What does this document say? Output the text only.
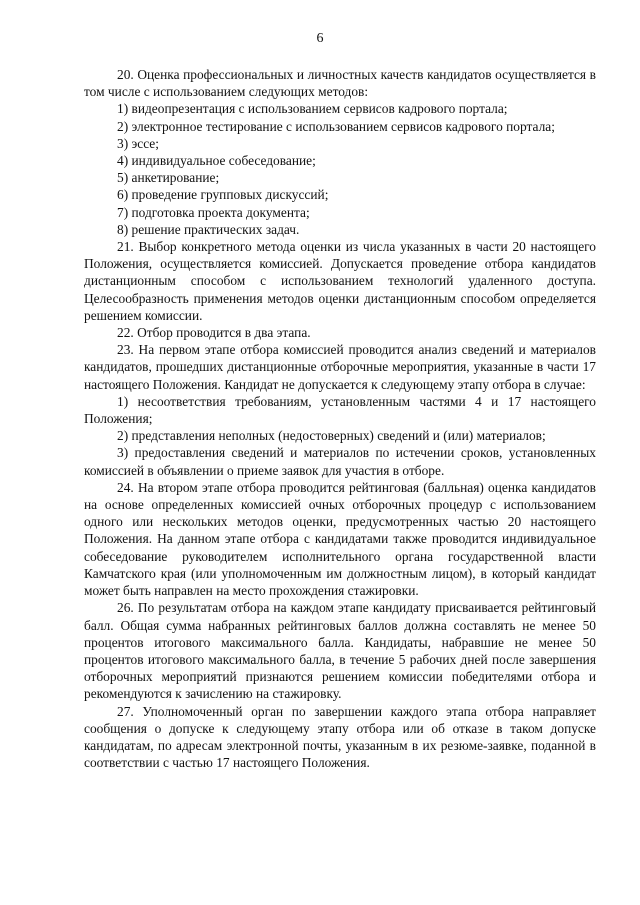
6

20. Оценка профессиональных и личностных качеств кандидатов осуществляется в том числе с использованием следующих методов:

1) видеопрезентация с использованием сервисов кадрового портала;

2) электронное тестирование с использованием сервисов кадрового портала;

3) эссе;

4) индивидуальное собеседование;

5) анкетирование;

6) проведение групповых дискуссий;

7) подготовка проекта документа;

8) решение практических задач.

21. Выбор конкретного метода оценки из числа указанных в части 20 настоящего Положения, осуществляется комиссией. Допускается проведение отбора кандидатов дистанционным способом с использованием технологий удаленного доступа. Целесообразность применения методов оценки дистанционным способом определяется решением комиссии.

22. Отбор проводится в два этапа.

23. На первом этапе отбора комиссией проводится анализ сведений и материалов кандидатов, прошедших дистанционные отборочные мероприятия, указанные в части 17 настоящего Положения. Кандидат не допускается к следующему этапу отбора в случае:

1) несоответствия требованиям, установленным частями 4 и 17 настоящего Положения;

2) представления неполных (недостоверных) сведений и (или) материалов;

3) предоставления сведений и материалов по истечении сроков, установленных комиссией в объявлении о приеме заявок для участия в отборе.

24. На втором этапе отбора проводится рейтинговая (балльная) оценка кандидатов на основе определенных комиссией очных отборочных процедур с использованием одного или нескольких методов оценки, предусмотренных частью 20 настоящего Положения. На данном этапе отбора с кандидатами также проводится индивидуальное собеседование руководителем исполнительного органа государственной власти Камчатского края (или уполномоченным им должностным лицом), в который кандидат может быть направлен на место прохождения стажировки.

26. По результатам отбора на каждом этапе кандидату присваивается рейтинговый балл. Общая сумма набранных рейтинговых баллов должна составлять не менее 50 процентов итогового максимального балла. Кандидаты, набравшие не менее 50 процентов итогового максимального балла, в течение 5 рабочих дней после завершения отборочных мероприятий признаются решением комиссии победителями отбора и рекомендуются к зачислению на стажировку.

27. Уполномоченный орган по завершении каждого этапа отбора направляет сообщения о допуске к следующему этапу отбора или об отказе в таком допуске кандидатам, по адресам электронной почты, указанным в их резюме-заявке, поданной в соответствии с частью 17 настоящего Положения.
